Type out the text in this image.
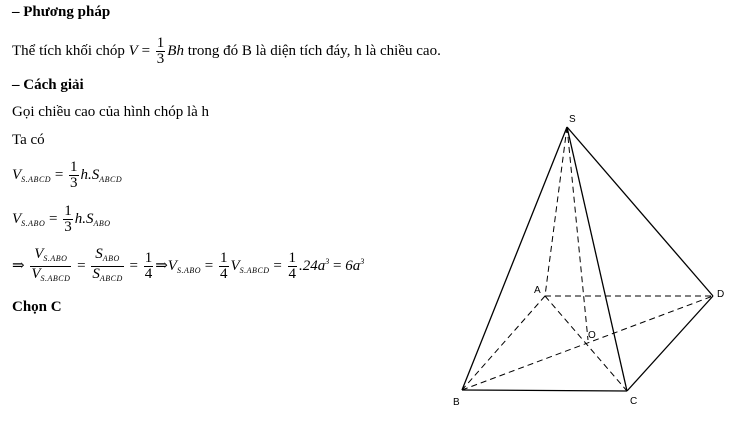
– Phương pháp
Thể tích khối chóp $V = \frac{1}{3}$ Bh trong đó B là diện tích đáy, h là chiều cao.
– Cách giải
Gọi chiều cao của hình chóp là h
Ta có
$V_{S.ABCD} = \frac{1}{3} h.S_{ABCD}$
$V_{S.ABO} = \frac{1}{3} h.S_{ABO}$
⇒ $\frac{V_{S.ABO}}{V_{S.ABCD}} = \frac{S_{ABO}}{S_{ABCD}} = \frac{1}{4}$ $\Rightarrow V_{S.ABO} = \frac{1}{4} V_{S.ABCD} = \frac{1}{4} .24a^3 = 6a^3$
Chọn C
S
A
B	C
D
O
